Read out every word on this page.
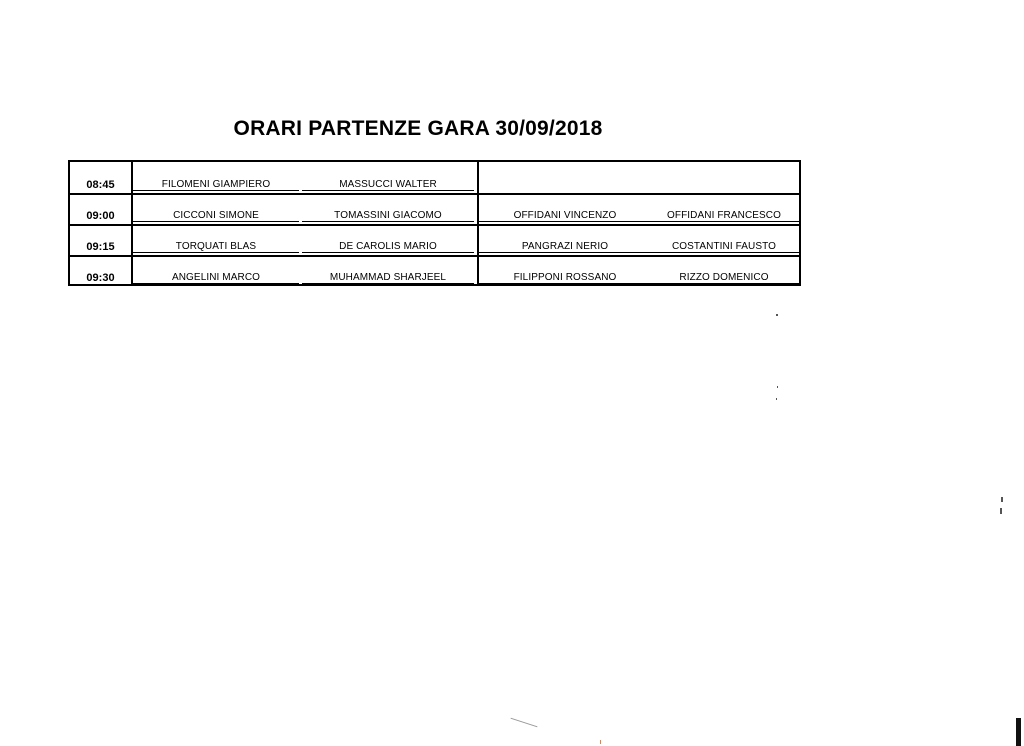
ORARI PARTENZE GARA 30/09/2018
08:45	FILOMENI GIAMPIERO	MASSUCCI WALTER
09:00	CICCONI SIMONE	TOMASSINI GIACOMO	OFFIDANI VINCENZO	OFFIDANI FRANCESCO
09:15	TORQUATI BLAS	DE CAROLIS MARIO	PANGRAZI NERIO	COSTANTINI FAUSTO
09:30	ANGELINI MARCO	MUHAMMAD SHARJEEL	FILIPPONI ROSSANO	RIZZO DOMENICO
